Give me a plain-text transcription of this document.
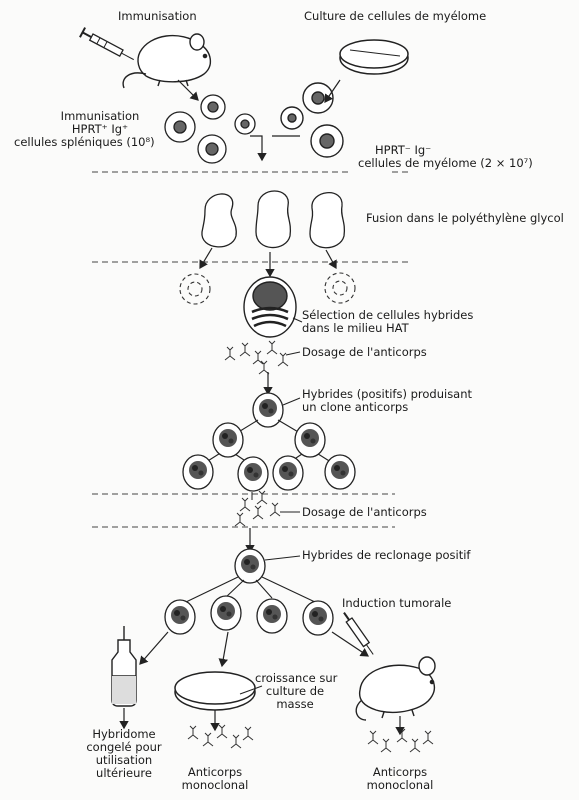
Immunisation	Culture de cellules de myélome
Immunisation
HPRT⁺ Ig⁺
cellules spléniques (10⁸)
HPRT⁻ Ig⁻
cellules de myélome (2 × 10⁷)
Fusion dans le polyéthylène glycol
Sélection de cellules hybrides
dans le milieu HAT
Dosage de l'anticorps
Hybrides (positifs) produisant
un clone anticorps
Dosage de l'anticorps
Hybrides de reclonage positif
Induction tumorale
croissance sur
culture de
masse
Hybridome
congelé pour
utilisation
ultérieure	Anticorps
monoclonal
Anticorps
monoclonal
